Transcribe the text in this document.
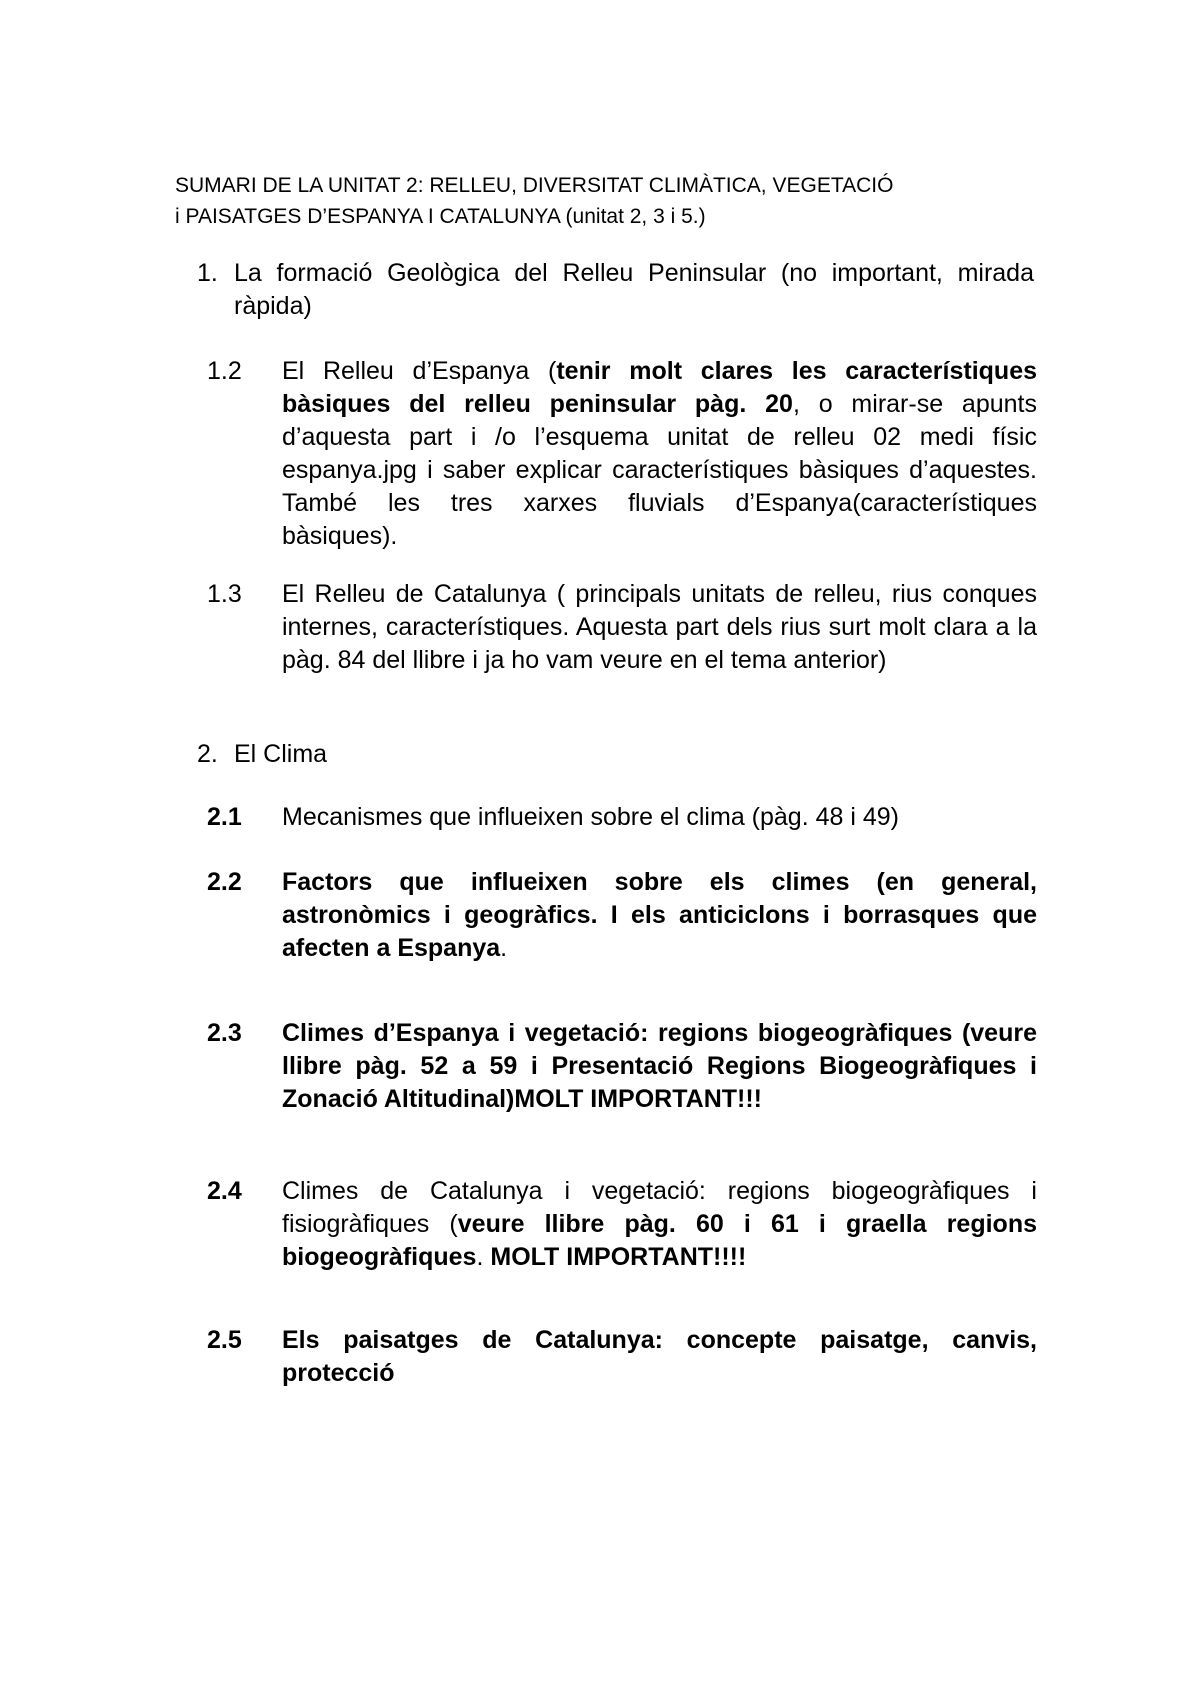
SUMARI DE LA UNITAT 2: RELLEU, DIVERSITAT CLIMÀTICA, VEGETACIÓ
i PAISATGES D’ESPANYA I CATALUNYA (unitat 2, 3 i 5.)
1. La formació Geològica del Relleu Peninsular (no important, mirada ràpida)
1.2 El Relleu d’Espanya (tenir molt clares les característiques bàsiques del relleu peninsular pàg. 20, o mirar-se apunts d’aquesta part i /o l’esquema unitat de relleu 02 medi físic espanya.jpg i saber explicar característiques bàsiques d’aquestes. També les tres xarxes fluvials d’Espanya(característiques bàsiques).
1.3 El Relleu de Catalunya ( principals unitats de relleu, rius conques internes, característiques. Aquesta part dels rius surt molt clara a la pàg. 84 del llibre i ja ho vam veure en el tema anterior)
2. El Clima
2.1 Mecanismes que influeixen sobre el clima (pàg. 48 i 49)
2.2 Factors que influeixen sobre els climes (en general, astronòmics i geogràfics. I els anticiclons i borrasques que afecten a Espanya.
2.3 Climes d’Espanya i vegetació: regions biogeogràfiques (veure llibre pàg. 52 a 59 i Presentació Regions Biogeogràfiques i Zonació Altitudinal)MOLT IMPORTANT!!!
2.4 Climes de Catalunya i vegetació: regions biogeogràfiques i fisiogràfiques (veure llibre pàg. 60 i 61 i graella regions biogeogràfiques. MOLT IMPORTANT!!!!
2.5 Els paisatges de Catalunya: concepte paisatge, canvis, protecció
